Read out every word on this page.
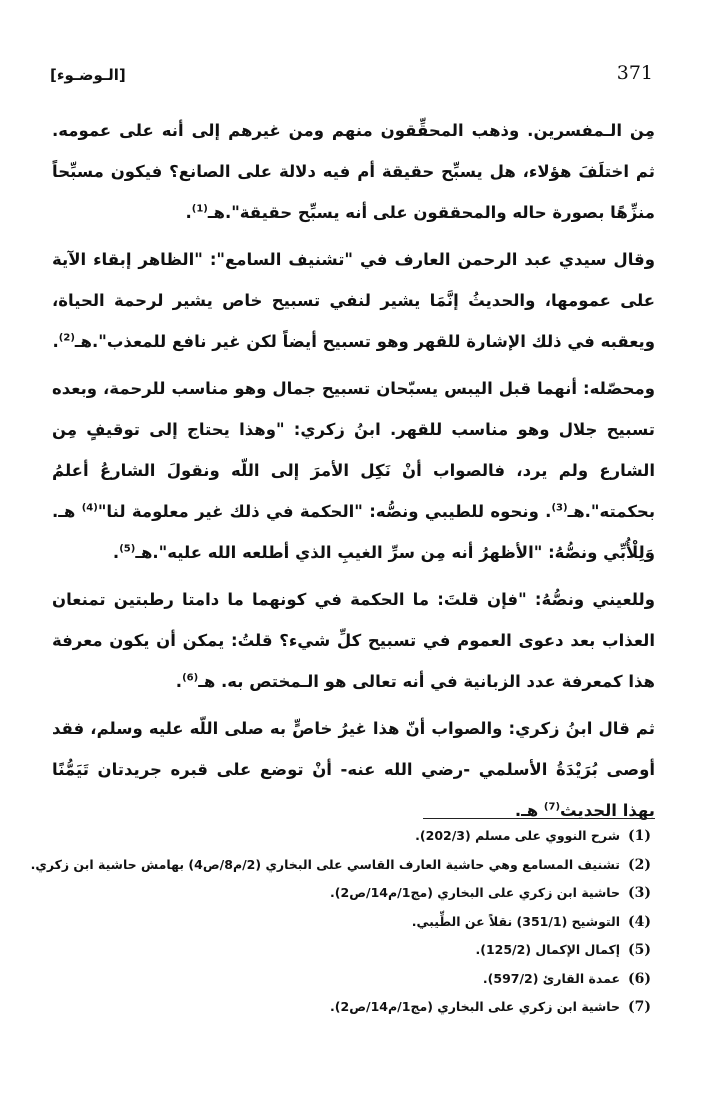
371
[الـوضـوء]

مِن الـمفسرين. وذهب المحقِّقون منهم ومن غيرهم إلى أنه على عمومه. ثم اختلَفَ هؤلاء، هل يسبِّح حقيقة أم فيه دلالة على الصانع؟ فيكون مسبِّحاً منزِّهًا بصورة حاله والمحققون على أنه يسبِّح حقيقة".هـ$^{(1)}$.

وقال سيدي عبد الرحمن العارف في "تشنيف السامع": "الظاهر إبقاء الآية على عمومها، والحديثُ إنَّمَا يشير لنفي تسبيح خاص يشير لرحمة الحياة، ويعقبه في ذلك الإشارة للقهر وهو تسبيح أيضاً لكن غير نافع للمعذب".هـ$^{(2)}$.

ومحصّله: أنهما قبل اليبس يسبّحان تسبيح جمال وهو مناسب للرحمة، وبعده تسبيح جلال وهو مناسب للقهر. ابنُ زكري: "وهذا يحتاج إلى توقيفٍ مِن الشارع ولم يرد، فالصواب أنْ نَكِل الأمرَ إلى اللّه ونقولَ الشارعُ أعلمُ بحكمته".هـ$^{(3)}$. ونحوه للطيبي ونصُّه: "الحكمة في ذلك غير معلومة لنا"$^{(4)}$ هـ. وَلِلْأُبِّي ونصُّهُ: "الأظهرُ أنه مِن سرِّ الغيبِ الذي أطلعه الله عليه".هـ$^{(5)}$.

وللعيني ونصُّهُ: "فإن قلتَ: ما الحكمة في كونهما ما دامتا رطبتين تمنعان العذاب بعد دعوى العموم في تسبيح كلِّ شيء؟ قلتُ: يمكن أن يكون معرفة هذا كمعرفة عدد الزبانية في أنه تعالى هو الـمختص به. هـ$^{(6)}$.

ثم قال ابنُ زكري: والصواب أنّ هذا غيرُ خاصٍّ به صلى اللّه عليه وسلم، فقد أوصى بُرَيْدَةُ الأسلمي -رضي الله عنه- أنْ توضع على قبره جريدتان تَيَمُّنًا بهذا الحديث$^{(7)}$ هـ.

(1)شرح النووي على مسلم (202/3).
(2)تشنيف المسامع وهي حاشية العارف القاسي على البخاري (2/م8/ص4) بهامش حاشية ابن زكري.
(3)حاشية ابن زكري على البخاري (مج1/م14/ص2).
(4)التوشيح (351/1) نقلاً عن الطِّيبي.
(5)إكمال الإكمال (125/2).
(6)عمدة القارئ (597/2).
(7)حاشية ابن زكري على البخاري (مج1/م14/ص2).
